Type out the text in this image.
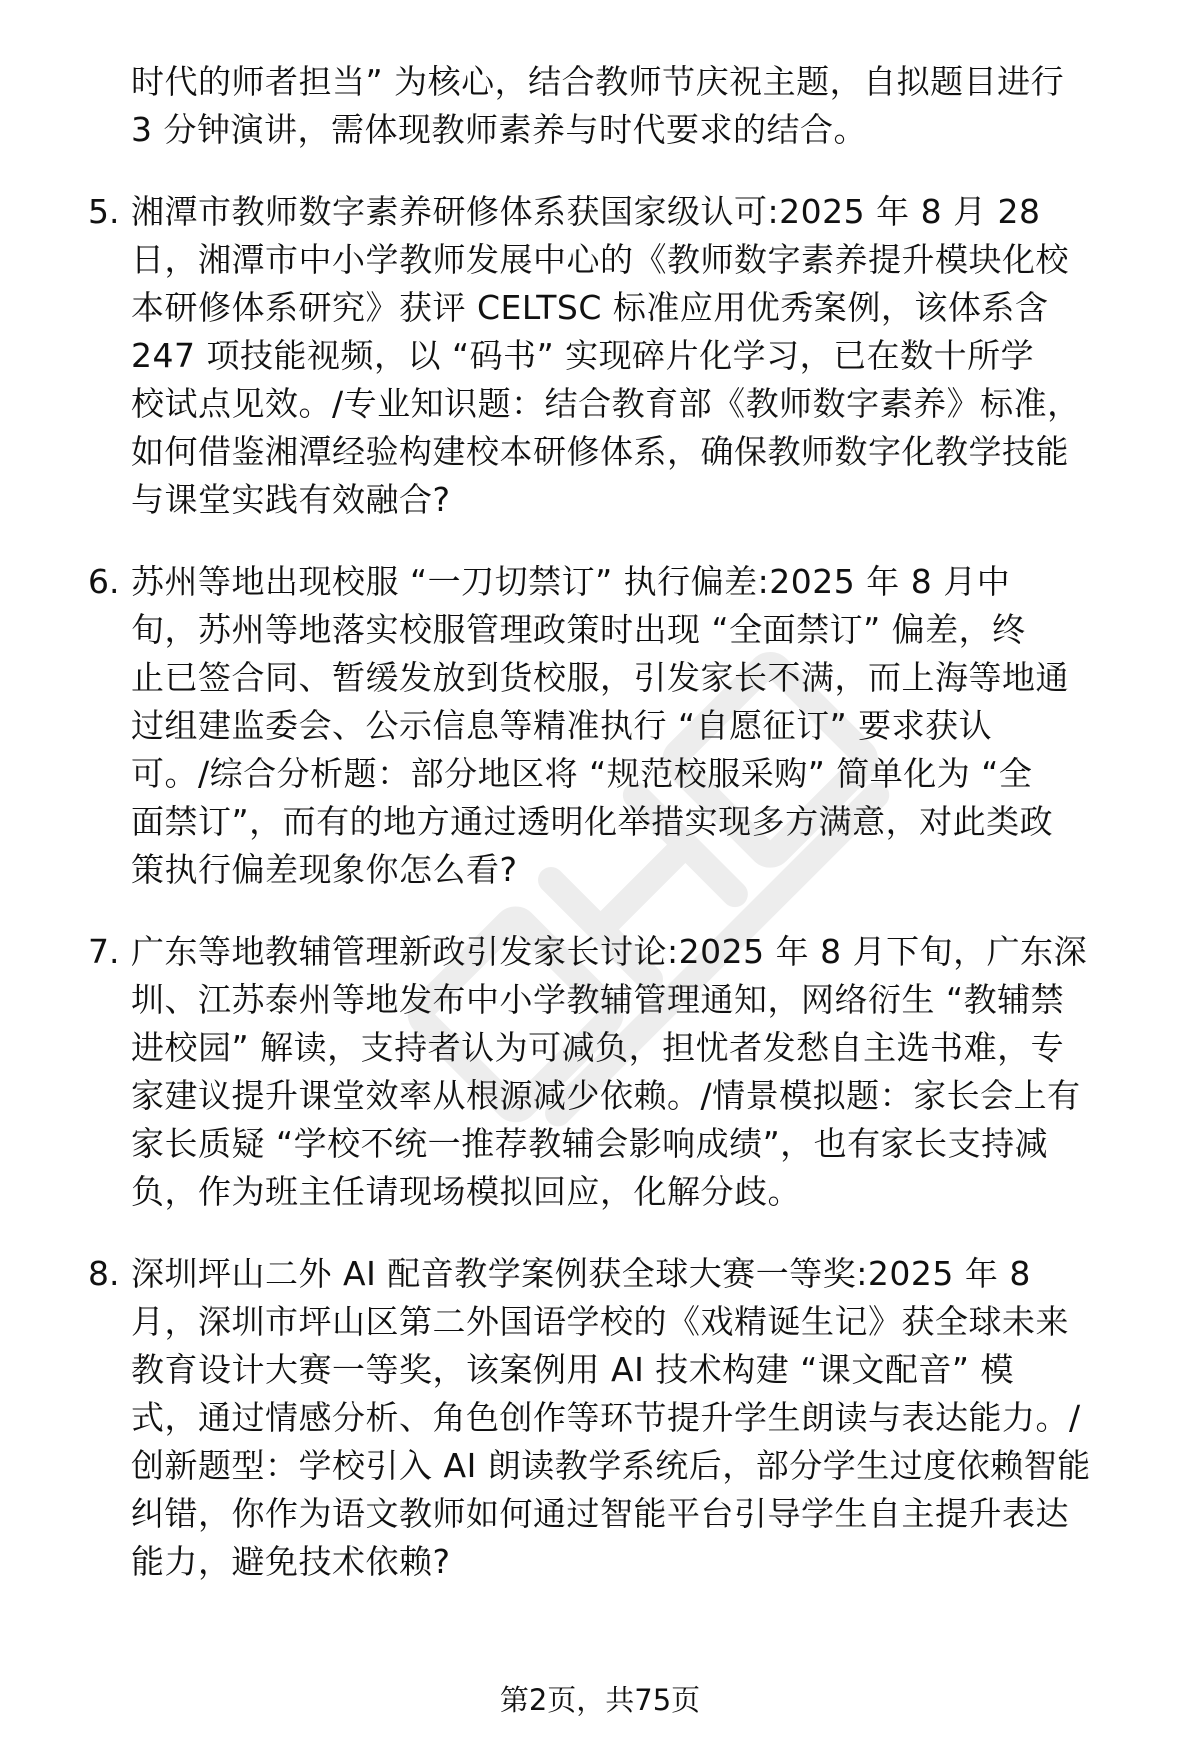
时代的师者担当” 为核心，结合教师节庆祝主题，自拟题目进行
3 分钟演讲，需体现教师素养与时代要求的结合。
5. 湘潭市教师数字素养研修体系获国家级认可:2025 年 8 月 28
日，湘潭市中小学教师发展中心的《教师数字素养提升模块化校
本研修体系研究》获评 CELTSC 标准应用优秀案例，该体系含
247 项技能视频，以 “码书” 实现碎片化学习，已在数十所学
校试点见效。/专业知识题：结合教育部《教师数字素养》标准，
如何借鉴湘潭经验构建校本研修体系，确保教师数字化教学技能
与课堂实践有效融合?
6. 苏州等地出现校服 “一刀切禁订” 执行偏差:2025 年 8 月中
旬，苏州等地落实校服管理政策时出现 “全面禁订” 偏差，终
止已签合同、暂缓发放到货校服，引发家长不满，而上海等地通
过组建监委会、公示信息等精准执行 “自愿征订” 要求获认
可。/综合分析题：部分地区将 “规范校服采购” 简单化为 “全
面禁订”，而有的地方通过透明化举措实现多方满意，对此类政
策执行偏差现象你怎么看?
7. 广东等地教辅管理新政引发家长讨论:2025 年 8 月下旬，广东深
圳、江苏泰州等地发布中小学教辅管理通知，网络衍生 “教辅禁
进校园” 解读，支持者认为可减负，担忧者发愁自主选书难，专
家建议提升课堂效率从根源减少依赖。/情景模拟题：家长会上有
家长质疑 “学校不统一推荐教辅会影响成绩”，也有家长支持减
负，作为班主任请现场模拟回应，化解分歧。
8. 深圳坪山二外 AI 配音教学案例获全球大赛一等奖:2025 年 8
月，深圳市坪山区第二外国语学校的《戏精诞生记》获全球未来
教育设计大赛一等奖，该案例用 AI 技术构建 “课文配音” 模
式，通过情感分析、角色创作等环节提升学生朗读与表达能力。/
创新题型：学校引入 AI 朗读教学系统后，部分学生过度依赖智能
纠错，你作为语文教师如何通过智能平台引导学生自主提升表达
能力，避免技术依赖?
第2页，共75页
